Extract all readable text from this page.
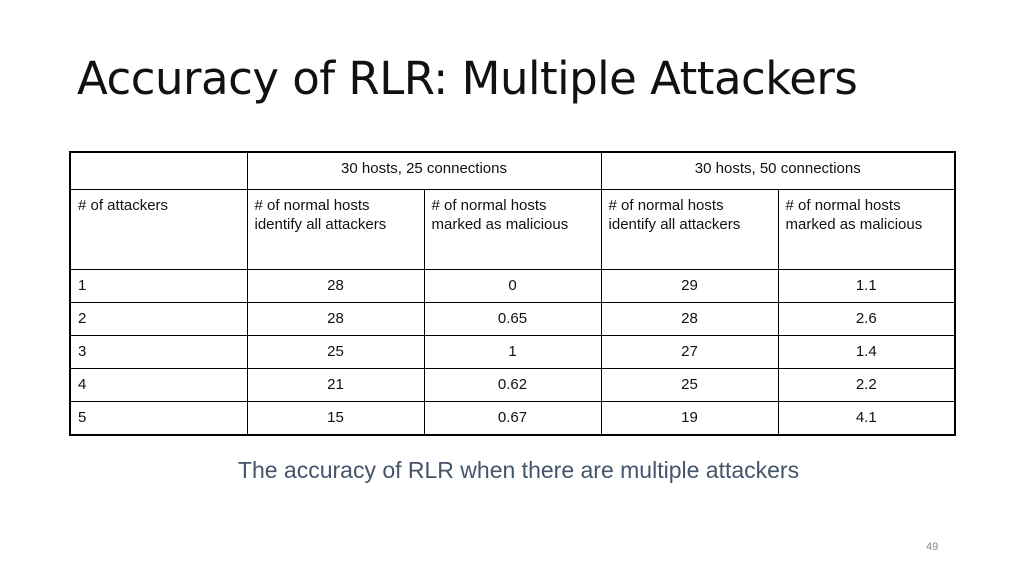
Accuracy of RLR: Multiple Attackers
	30 hosts, 25 connections		30 hosts, 50 connections	
# of attackers	# of normal hosts identify all attackers	# of normal hosts marked as malicious	# of normal hosts identify all attackers	# of normal hosts marked as malicious
1	28	0	29	1.1
2	28	0.65	28	2.6
3	25	1	27	1.4
4	21	0.62	25	2.2
5	15	0.67	19	4.1
The accuracy of RLR when there are multiple attackers
49
